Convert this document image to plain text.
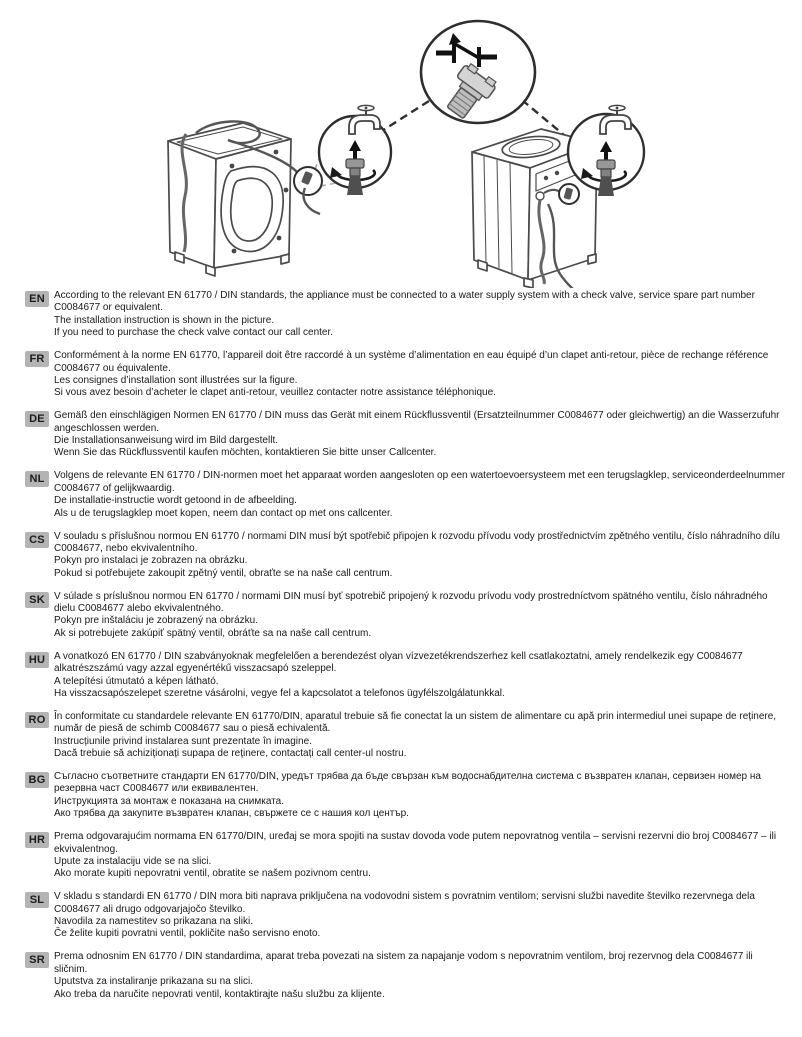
EN According to the relevant EN 61770 / DIN standards, the appliance must be connected to a water supply system with a check valve, service spare part number C0084677 or equivalent.
The installation instruction is shown in the picture.
If you need to purchase the check valve contact our call center.
FR Conformément à la norme EN 61770, l’appareil doit être raccordé à un système d’alimentation en eau équipé d’un clapet anti-retour, pièce de rechange référence C0084677 ou équivalente.
Les consignes d’installation sont illustrées sur la figure.
Si vous avez besoin d’acheter le clapet anti-retour, veuillez contacter notre assistance téléphonique.
DE Gemäß den einschlägigen Normen EN 61770 / DIN muss das Gerät mit einem Rückflussventil (Ersatzteilnummer C0084677 oder gleichwertig) an die Wasserzufuhr angeschlossen werden.
Die Installationsanweisung wird im Bild dargestellt.
Wenn Sie das Rückflussventil kaufen möchten, kontaktieren Sie bitte unser Callcenter.
NL Volgens de relevante EN 61770 / DIN-normen moet het apparaat worden aangesloten op een watertoevoersysteem met een terugslagklep, serviceonderdeelnummer C0084677 of gelijkwaardig.
De installatie-instructie wordt getoond in de afbeelding.
Als u de terugslagklep moet kopen, neem dan contact op met ons callcenter.
CS V souladu s příslušnou normou EN 61770 / normami DIN musí být spotřebič připojen k rozvodu přívodu vody prostřednictvím zpětného ventilu, číslo náhradního dílu C0084677, nebo ekvivalentního.
Pokyn pro instalaci je zobrazen na obrázku.
Pokud si potřebujete zakoupit zpětný ventil, obraťte se na naše call centrum.
SK V súlade s príslušnou normou EN 61770 / normami DIN musí byť spotrebič pripojený k rozvodu prívodu vody prostredníctvom spätného ventilu, číslo náhradného dielu C0084677 alebo ekvivalentného.
Pokyn pre inštaláciu je zobrazený na obrázku.
Ak si potrebujete zakúpiť spätný ventil, obráťte sa na naše call centrum.
HU A vonatkozó EN 61770 / DIN szabványoknak megfelelően a berendezést olyan vízvezetékrendszerhez kell csatlakoztatni, amely rendelkezik egy C0084677 alkatrészszámú vagy azzal egyenértékű visszacsapó szeleppel.
A telepítési útmutató a képen látható.
Ha visszacsapószelepet szeretne vásárolni, vegye fel a kapcsolatot a telefonos ügyfélszolgálatunkkal.
RO În conformitate cu standardele relevante EN 61770/DIN, aparatul trebuie să fie conectat la un sistem de alimentare cu apă prin intermediul unei supape de reținere, număr de piesă de schimb C0084677 sau o piesă echivalentă.
Instrucțiunile privind instalarea sunt prezentate în imagine.
Dacă trebuie să achiziționați supapa de reținere, contactați call center-ul nostru.
BG Съгласно съответните стандарти EN 61770/DIN, уредът трябва да бъде свързан към водоснабдителна система с възвратен клапан, сервизен номер на резервна част C0084677 или еквивалентен.
Инструкцията за монтаж е показана на снимката.
Ако трябва да закупите възвратен клапан, свържете се с нашия кол център.
HR Prema odgovarajućim normama EN 61770/DIN, uređaj se mora spojiti na sustav dovoda vode putem nepovratnog ventila – servisni rezervni dio broj C0084677 – ili ekvivalentnog.
Upute za instalaciju vide se na slici.
Ako morate kupiti nepovratni ventil, obratite se našem pozivnom centru.
SL V skladu s standardi EN 61770 / DIN mora biti naprava priključena na vodovodni sistem s povratnim ventilom; servisni službi navedite številko rezervnega dela C0084677 ali drugo odgovarjajočo številko.
Navodila za namestitev so prikazana na sliki.
Če želite kupiti povratni ventil, pokličite našo servisno enoto.
SR Prema odnosnim EN 61770 / DIN standardima, aparat treba povezati na sistem za napajanje vodom s nepovratnim ventilom, broj rezervnog dela C0084677 ili sličnim.
Uputstva za instaliranje prikazana su na slici.
Ako treba da naručite nepovrati ventil, kontaktirajte našu službu za klijente.
